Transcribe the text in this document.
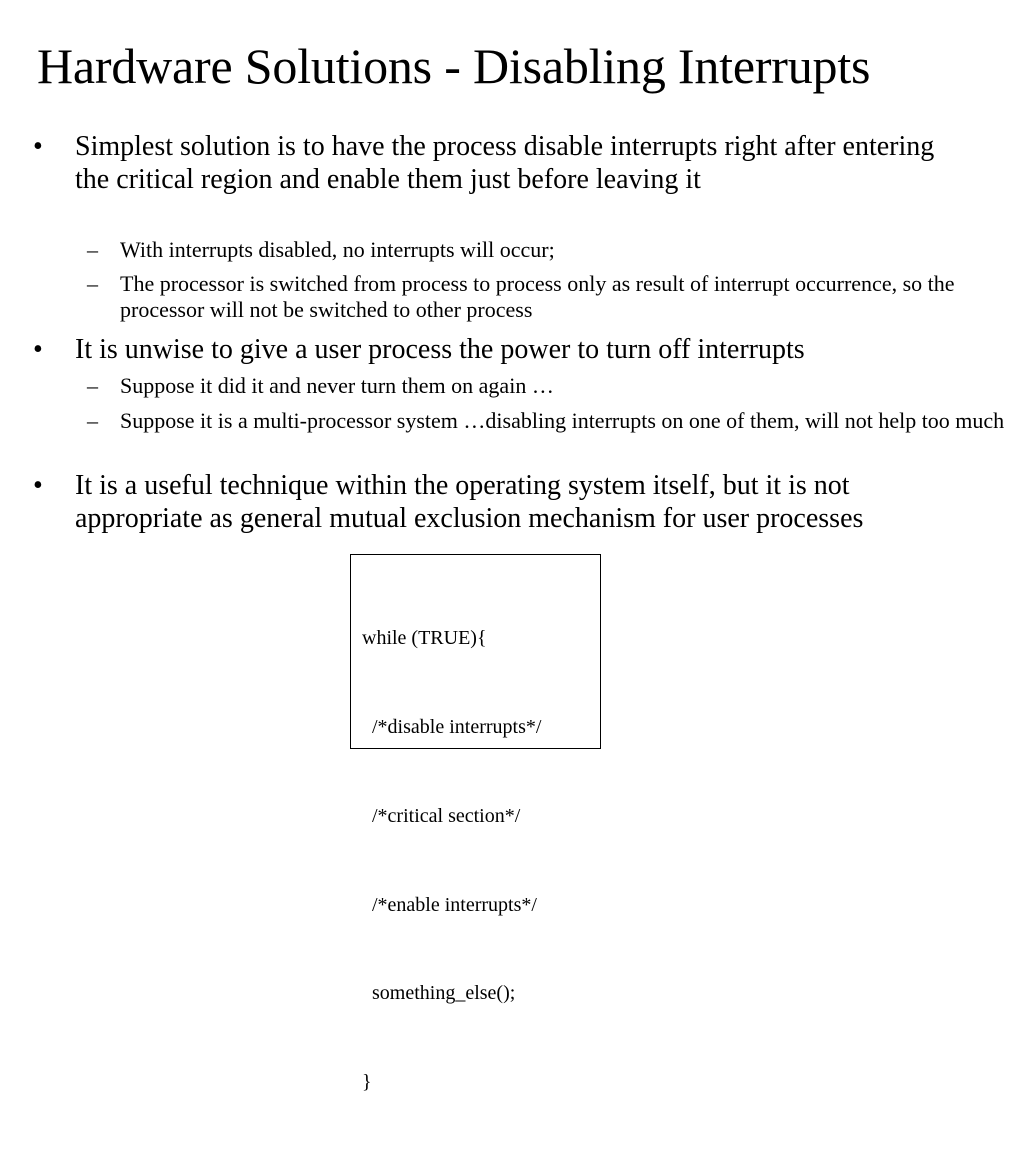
Hardware Solutions - Disabling Interrupts
• Simplest solution is to have the process disable interrupts right after entering the critical region and enable them just before leaving it
– With interrupts disabled, no interrupts will occur;
– The processor is switched from process to process only as result of interrupt occurrence, so the processor will not be switched to other process
• It is unwise to give a user process the power to turn off interrupts
– Suppose it did it and never turn them on again …
– Suppose it is a multi-processor system …disabling interrupts on one of them, will not help too much
• It is a useful technique within the operating system itself, but it is not appropriate as general mutual exclusion mechanism for user processes

while (TRUE){

/*disable interrupts*/

/*critical section*/

/*enable interrupts*/

something_else();

}
